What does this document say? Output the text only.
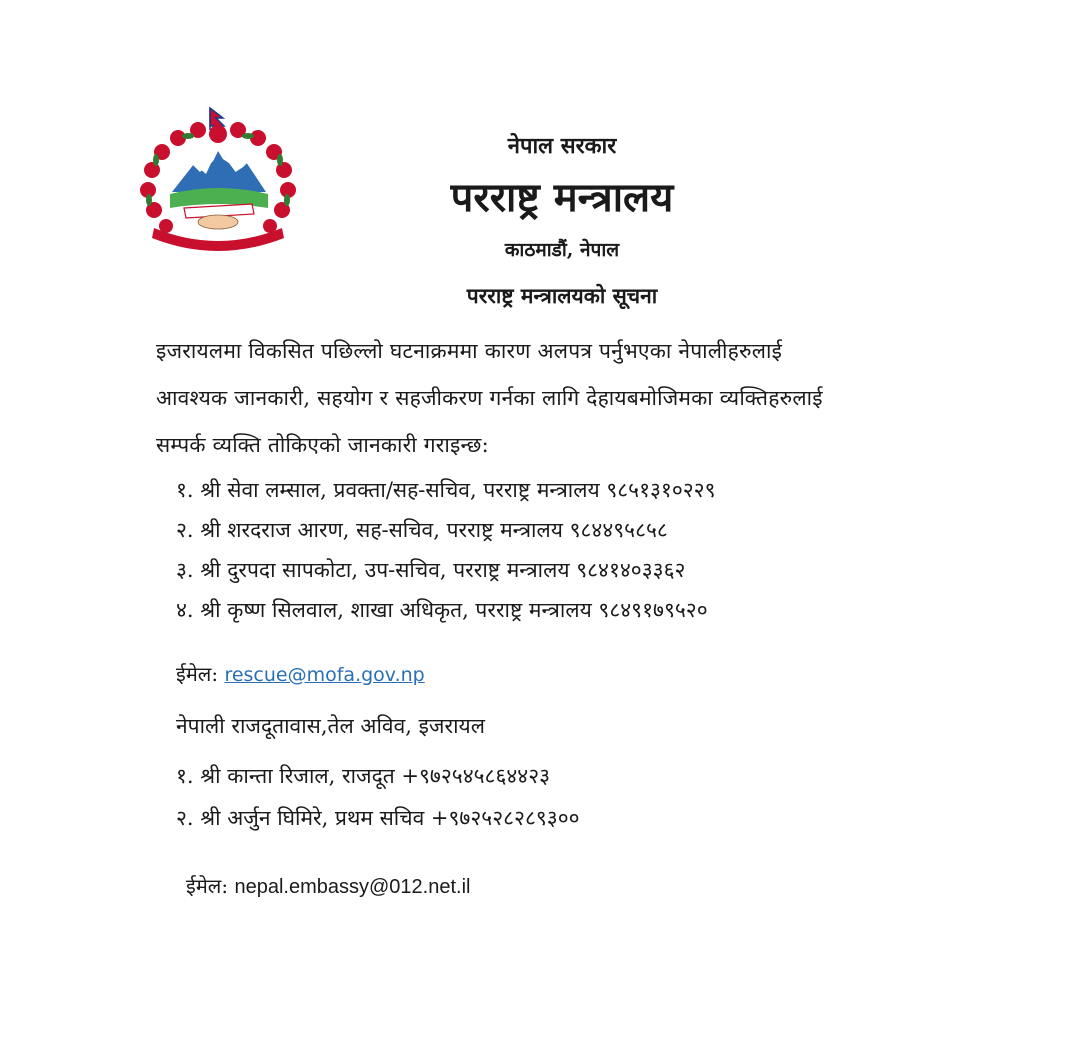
नेपाल सरकार
परराष्ट्र मन्त्रालय
काठमाडौं, नेपाल
परराष्ट्र मन्त्रालयको सूचना
इजरायलमा विकसित पछिल्लो घटनाक्रममा कारण अलपत्र पर्नुभएका नेपालीहरुलाई
आवश्यक जानकारी, सहयोग र सहजीकरण गर्नका लागि देहायबमोजिमका व्यक्तिहरुलाई
सम्पर्क व्यक्ति तोकिएको जानकारी गराइन्छ:
१. श्री सेवा लम्साल, प्रवक्ता/सह-सचिव, परराष्ट्र मन्त्रालय ९८५१३१०२२९
२. श्री शरदराज आरण, सह-सचिव, परराष्ट्र मन्त्रालय ९८४४९५८५८
३. श्री दुरपदा सापकोटा, उप-सचिव, परराष्ट्र मन्त्रालय ९८४१४०३३६२
४. श्री कृष्ण सिलवाल, शाखा अधिकृत, परराष्ट्र मन्त्रालय ९८४९१७९५२०
ईमेल: rescue@mofa.gov.np
नेपाली राजदूतावास,तेल अविव, इजरायल
१. श्री कान्ता रिजाल, राजदूत +९७२५४५८६४४२३
२. श्री अर्जुन घिमिरे, प्रथम सचिव +९७२५२८२८९३००
ईमेल: nepal.embassy@012.net.il
